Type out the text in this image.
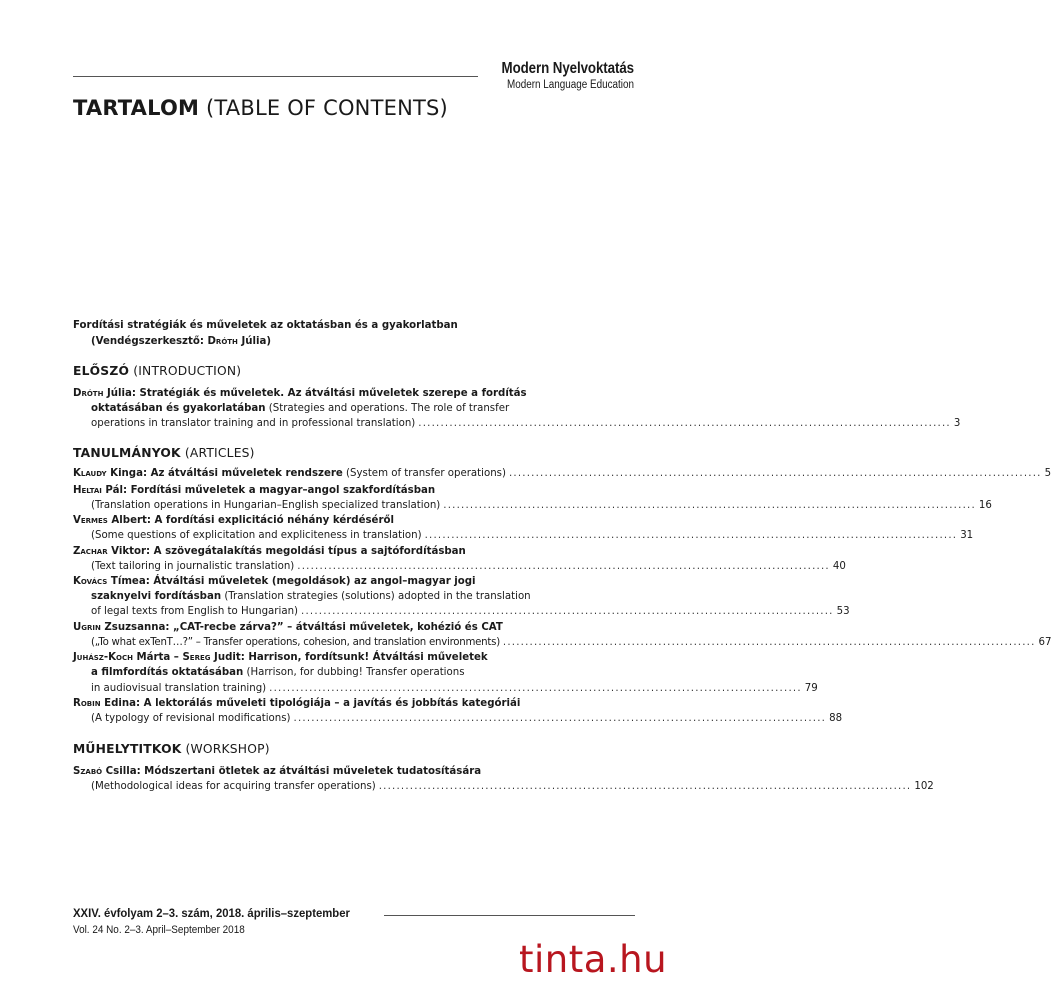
Modern Nyelvoktatás
Modern Language Education
TARTALOM (TABLE OF CONTENTS)
Fordítási stratégiák és műveletek az oktatásban és a gyakorlatban
(Vendégszerkesztő: Dróth Júlia)
ELŐSZÓ (INTRODUCTION)
Dróth Júlia: Stratégiák és műveletek. Az átváltási műveletek szerepe a fordítás
oktatásában és gyakorlatában (Strategies and operations. The role of transfer
operations in translator training and in professional translation) ........................................................................................................................ 3
TANULMÁNYOK (ARTICLES)
Klaudy Kinga: Az átváltási műveletek rendszere (System of transfer operations) ........................................................................................................................ 5
Heltai Pál: Fordítási műveletek a magyar–angol szakfordításban
(Translation operations in Hungarian–English specialized translation) ........................................................................................................................ 16
Vermes Albert: A fordítási explicitáció néhány kérdéséről
(Some questions of explicitation and expliciteness in translation) ........................................................................................................................ 31
Zachar Viktor: A szövegátalakítás megoldási típus a sajtófordításban
(Text tailoring in journalistic translation) ........................................................................................................................ 40
Kovács Tímea: Átváltási műveletek (megoldások) az angol–magyar jogi
szaknyelvi fordításban (Translation strategies (solutions) adopted in the translation
of legal texts from English to Hungarian) ........................................................................................................................ 53
Ugrin Zsuzsanna: „CAT-recbe zárva?” – átváltási műveletek, kohézió és CAT
(„To what exTenT…?” – Transfer operations, cohesion, and translation environments) ........................................................................................................................ 67
Juhász-Koch Márta – Sereg Judit: Harrison, fordítsunk! Átváltási műveletek
a filmfordítás oktatásában (Harrison, for dubbing! Transfer operations
in audiovisual translation training) ........................................................................................................................ 79
Robin Edina: A lektorálás műveleti tipológiája – a javítás és jobbítás kategóriái
(A typology of revisional modifications) ........................................................................................................................ 88
MŰHELYTITKOK (WORKSHOP)
Szabó Csilla: Módszertani ötletek az átváltási műveletek tudatosítására
(Methodological ideas for acquiring transfer operations) ........................................................................................................................ 102
XXIV. évfolyam 2–3. szám, 2018. április–szeptember
Vol. 24 No. 2–3. April–September 2018
tinta.hu
